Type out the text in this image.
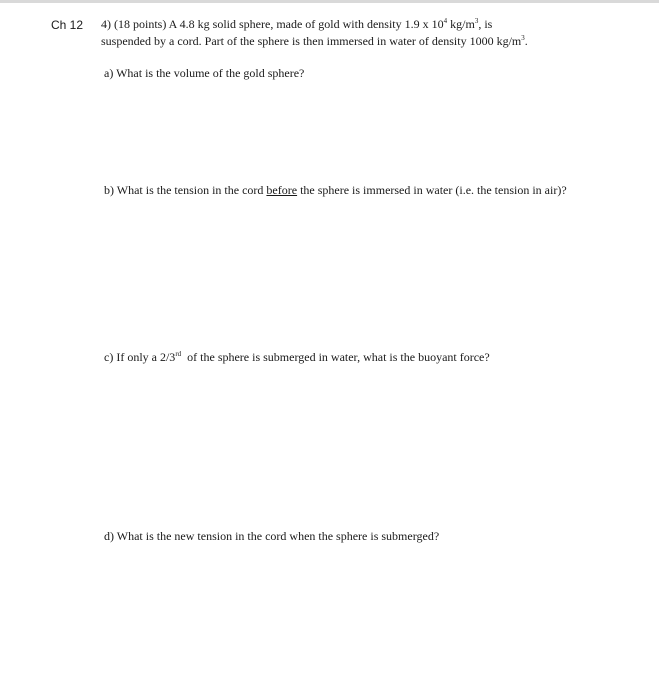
Ch 12 4) (18 points) A 4.8 kg solid sphere, made of gold with density 1.9 x $10^4$ $kg/m^3$, is
suspended by a cord. Part of the sphere is then immersed in water of density 1000 $kg/m^3$.
a) What is the volume of the gold sphere?
b) What is the tension in the cord before the sphere is immersed in water (i.e. the tension in air)?
c) If only a 2/3rd  of the sphere is submerged in water, what is the buoyant force?
d) What is the new tension in the cord when the sphere is submerged?
